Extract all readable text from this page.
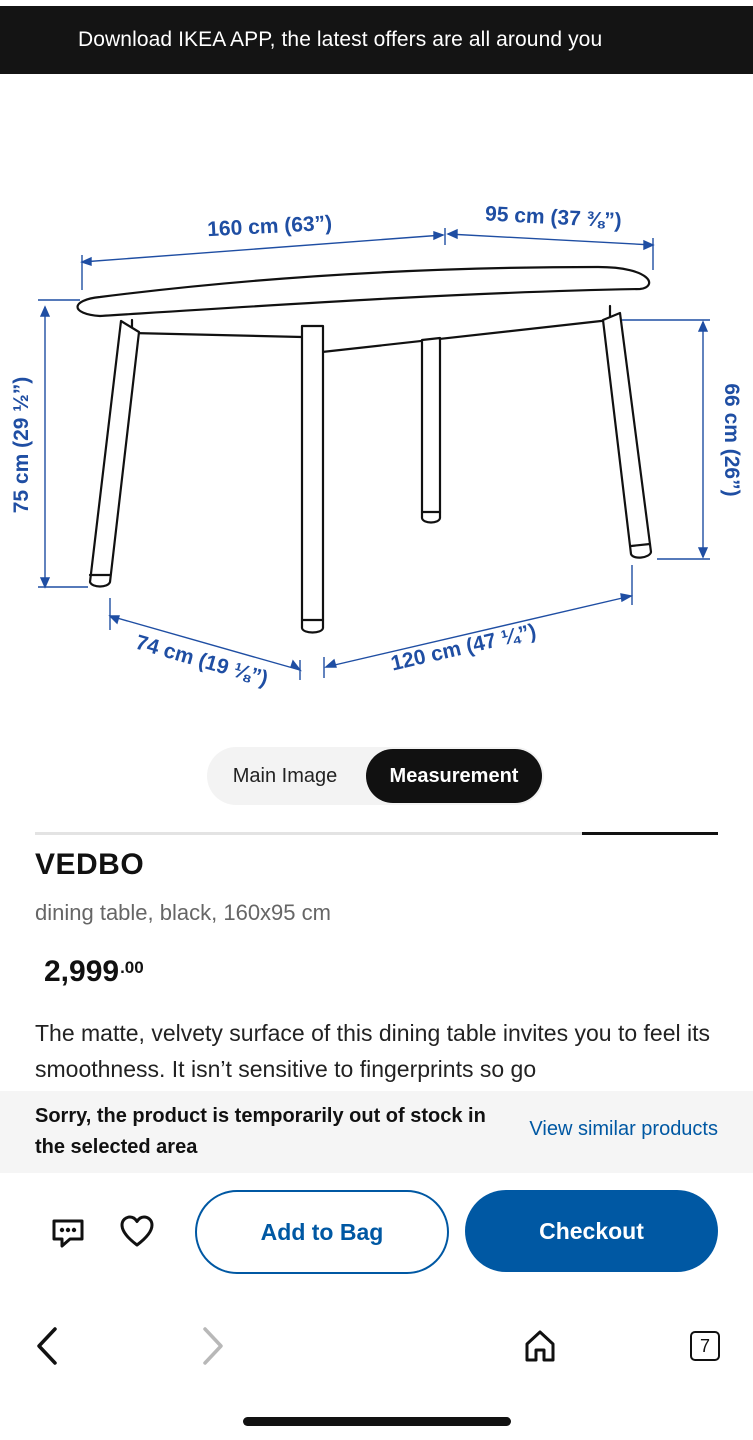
Download IKEA APP, the latest offers are all around you
160 cm (63”)	95 cm (37 ⅜”)
75 cm (29 ½”)	66 cm (26”)
74 cm (19 ⅛”)	120 cm (47 ¼”)
Main Image	Measurement
VEDBO
dining table, black, 160x95 cm
2,999 .00
The matte, velvety surface of this dining table invites you to feel its smoothness. It isn’t sensitive to fingerprints so go
Sorry, the product is temporarily out of stock in the selected area
View similar products
Add to Bag	Checkout
7
